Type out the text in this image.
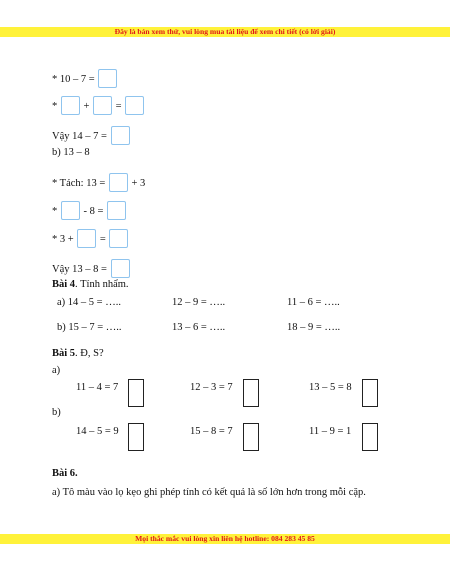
Đây là bản xem thử, vui lòng mua tài liệu để xem chi tiết (có lời giải)
* 10 – 7 =
*	+	=
Vậy 14 – 7 =
b) 13 – 8
* Tách: 13 =	+ 3
*	- 8 =
* 3 +	=
Vậy 13 – 8 =
Bài 4. Tính nhẩm.
a) 14 – 5 = …..	12 – 9 = …..	11 – 6 = …..
b) 15 – 7 = …..	13 – 6 = …..	18 – 9 = …..
Bài 5. Đ, S?
a)
11 – 4 = 7	12 – 3 = 7	13 – 5 = 8
b)
14 – 5 = 9	15 – 8 = 7	11 – 9 = 1
Bài 6.
a) Tô màu vào lọ kẹo ghi phép tính có kết quả là số lớn hơn trong mỗi cặp.
Mọi thắc mắc vui lòng xin liên hệ hotline: 084 283 45 85
